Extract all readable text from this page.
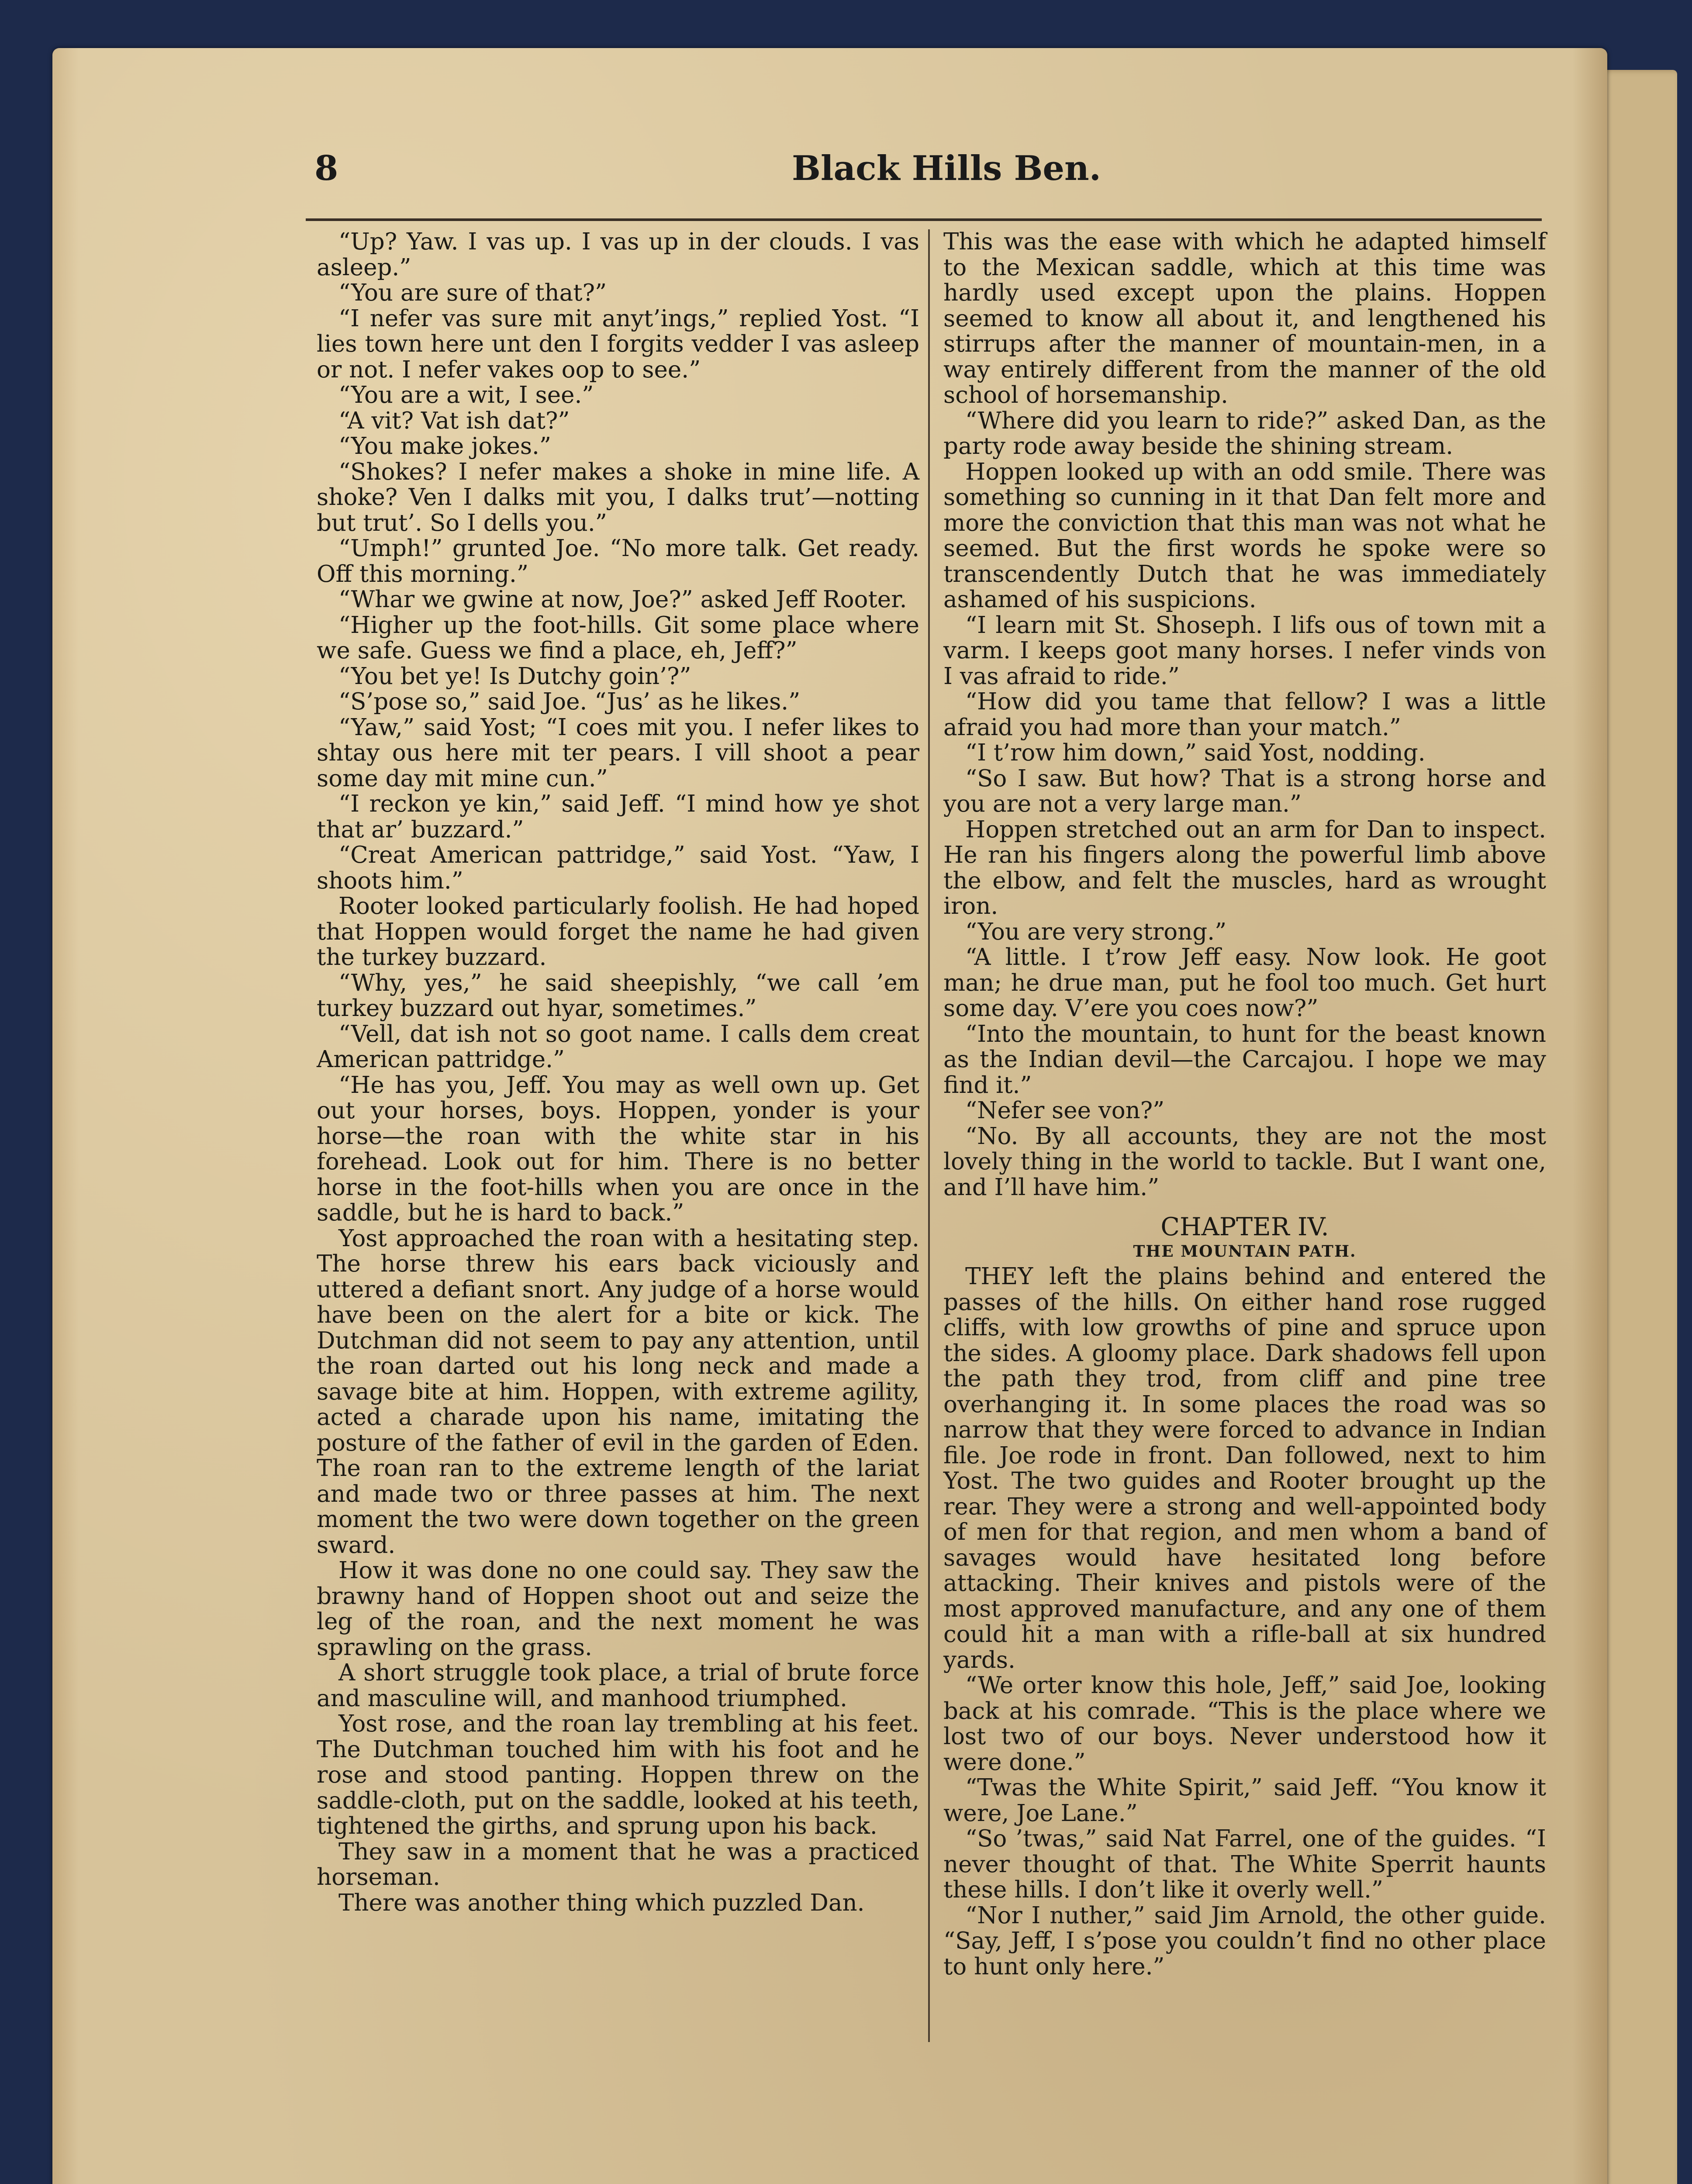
8	Black Hills Ben.

“Up? Yaw. I vas up. I vas up in der clouds. I vas asleep.”

“You are sure of that?”

“I nefer vas sure mit anyt’ings,” replied Yost. “I lies town here unt den I forgits vedder I vas asleep or not. I nefer vakes oop to see.”

“You are a wit, I see.”

“A vit? Vat ish dat?”

“You make jokes.”

“Shokes? I nefer makes a shoke in mine life. A shoke? Ven I dalks mit you, I dalks trut’—notting but trut’. So I dells you.”

“Umph!” grunted Joe. “No more talk. Get ready. Off this morning.”

“Whar we gwine at now, Joe?” asked Jeff Rooter.

“Higher up the foot-hills. Git some place where we safe. Guess we find a place, eh, Jeff?”

“You bet ye! Is Dutchy goin’?”

“S’pose so,” said Joe. “Jus’ as he likes.”

“Yaw,” said Yost; “I coes mit you. I nefer likes to shtay ous here mit ter pears. I vill shoot a pear some day mit mine cun.”

“I reckon ye kin,” said Jeff. “I mind how ye shot that ar’ buzzard.”

“Creat American pattridge,” said Yost. “Yaw, I shoots him.”

Rooter looked particularly foolish. He had hoped that Hoppen would forget the name he had given the turkey buzzard.

“Why, yes,” he said sheepishly, “we call ’em turkey buzzard out hyar, sometimes.”

“Vell, dat ish not so goot name. I calls dem creat American pattridge.”

“He has you, Jeff. You may as well own up. Get out your horses, boys. Hoppen, yonder is your horse—the roan with the white star in his forehead. Look out for him. There is no better horse in the foot-hills when you are once in the saddle, but he is hard to back.”

Yost approached the roan with a hesitating step. The horse threw his ears back viciously and uttered a defiant snort. Any judge of a horse would have been on the alert for a bite or kick. The Dutchman did not seem to pay any attention, until the roan darted out his long neck and made a savage bite at him. Hoppen, with extreme agility, acted a charade upon his name, imitating the posture of the father of evil in the garden of Eden. The roan ran to the extreme length of the lariat and made two or three passes at him. The next moment the two were down together on the green sward.

How it was done no one could say. They saw the brawny hand of Hoppen shoot out and seize the leg of the roan, and the next moment he was sprawling on the grass.

A short struggle took place, a trial of brute force and masculine will, and manhood triumphed.

Yost rose, and the roan lay trembling at his feet. The Dutchman touched him with his foot and he rose and stood panting. Hoppen threw on the saddle-cloth, put on the saddle, looked at his teeth, tightened the girths, and sprung upon his back.

They saw in a moment that he was a practiced horseman.

There was another thing which puzzled Dan.

This was the ease with which he adapted himself to the Mexican saddle, which at this time was hardly used except upon the plains. Hoppen seemed to know all about it, and lengthened his stirrups after the manner of mountain-men, in a way entirely different from the manner of the old school of horsemanship.

“Where did you learn to ride?” asked Dan, as the party rode away beside the shining stream.

Hoppen looked up with an odd smile. There was something so cunning in it that Dan felt more and more the conviction that this man was not what he seemed. But the first words he spoke were so transcendently Dutch that he was immediately ashamed of his suspicions.

“I learn mit St. Shoseph. I lifs ous of town mit a varm. I keeps goot many horses. I nefer vinds von I vas afraid to ride.”

“How did you tame that fellow? I was a little afraid you had more than your match.”

“I t’row him down,” said Yost, nodding.

“So I saw. But how? That is a strong horse and you are not a very large man.”

Hoppen stretched out an arm for Dan to inspect. He ran his fingers along the powerful limb above the elbow, and felt the muscles, hard as wrought iron.

“You are very strong.”

“A little. I t’row Jeff easy. Now look. He goot man; he drue man, put he fool too much. Get hurt some day. V’ere you coes now?”

“Into the mountain, to hunt for the beast known as the Indian devil—the Carcajou. I hope we may find it.”

“Nefer see von?”

“No. By all accounts, they are not the most lovely thing in the world to tackle. But I want one, and I’ll have him.”

CHAPTER IV.

THE MOUNTAIN PATH.

THEY left the plains behind and entered the passes of the hills. On either hand rose rugged cliffs, with low growths of pine and spruce upon the sides. A gloomy place. Dark shadows fell upon the path they trod, from cliff and pine tree overhanging it. In some places the road was so narrow that they were forced to advance in Indian file. Joe rode in front. Dan followed, next to him Yost. The two guides and Rooter brought up the rear. They were a strong and well-appointed body of men for that region, and men whom a band of savages would have hesitated long before attacking. Their knives and pistols were of the most approved manufacture, and any one of them could hit a man with a rifle-ball at six hundred yards.

“We orter know this hole, Jeff,” said Joe, looking back at his comrade. “This is the place where we lost two of our boys. Never understood how it were done.”

“Twas the White Spirit,” said Jeff. “You know it were, Joe Lane.”

“So ’twas,” said Nat Farrel, one of the guides. “I never thought of that. The White Sperrit haunts these hills. I don’t like it overly well.”

“Nor I nuther,” said Jim Arnold, the other guide. “Say, Jeff, I s’pose you couldn’t find no other place to hunt only here.”
